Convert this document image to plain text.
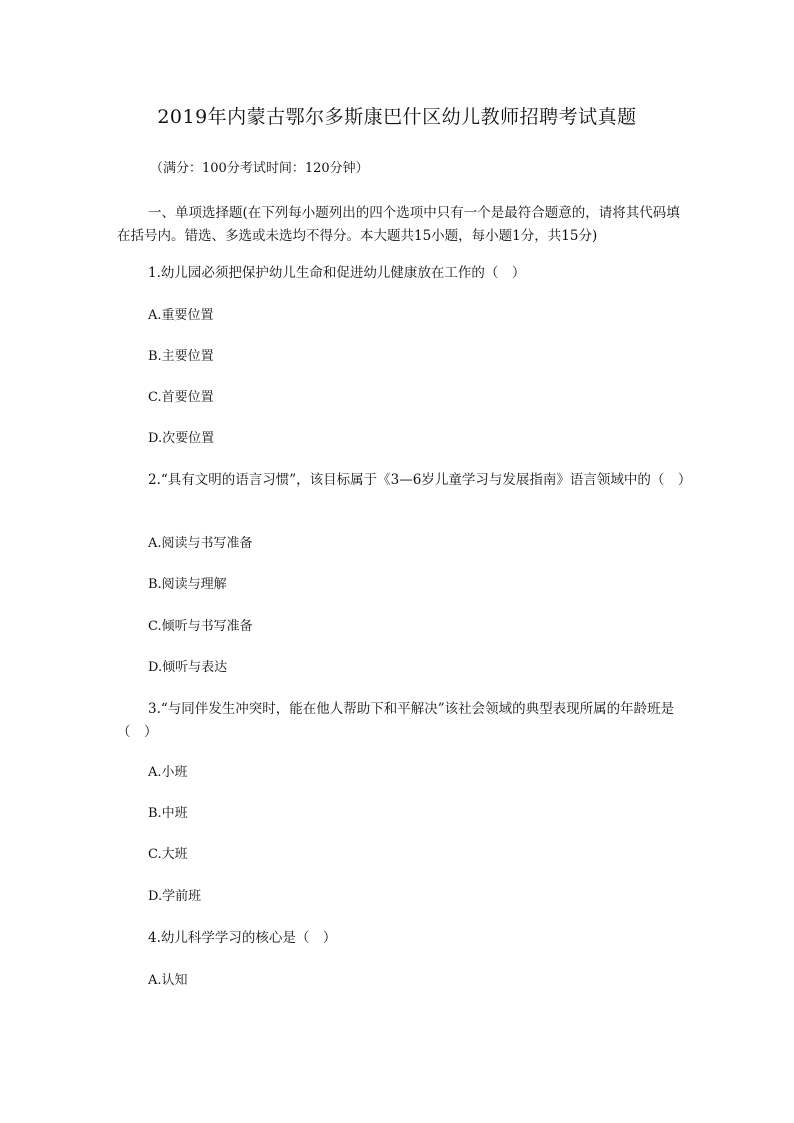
2019年内蒙古鄂尔多斯康巴什区幼儿教师招聘考试真题
（满分：100分考试时间：120分钟）
一、单项选择题(在下列每小题列出的四个选项中只有一个是最符合题意的，请将其代码填在括号内。错选、多选或未选均不得分。本大题共15小题，每小题1分，共15分)
1.幼儿园必须把保护幼儿生命和促进幼儿健康放在工作的（　）
A.重要位置
B.主要位置
C.首要位置
D.次要位置
2.“具有文明的语言习惯”，该目标属于《3—6岁儿童学习与发展指南》语言领域中的（　）
A.阅读与书写准备
B.阅读与理解
C.倾听与书写准备
D.倾听与表达
3.“与同伴发生冲突时，能在他人帮助下和平解决”该社会领域的典型表现所属的年龄班是（　）
A.小班
B.中班
C.大班
D.学前班
4.幼儿科学学习的核心是（　）
A.认知
